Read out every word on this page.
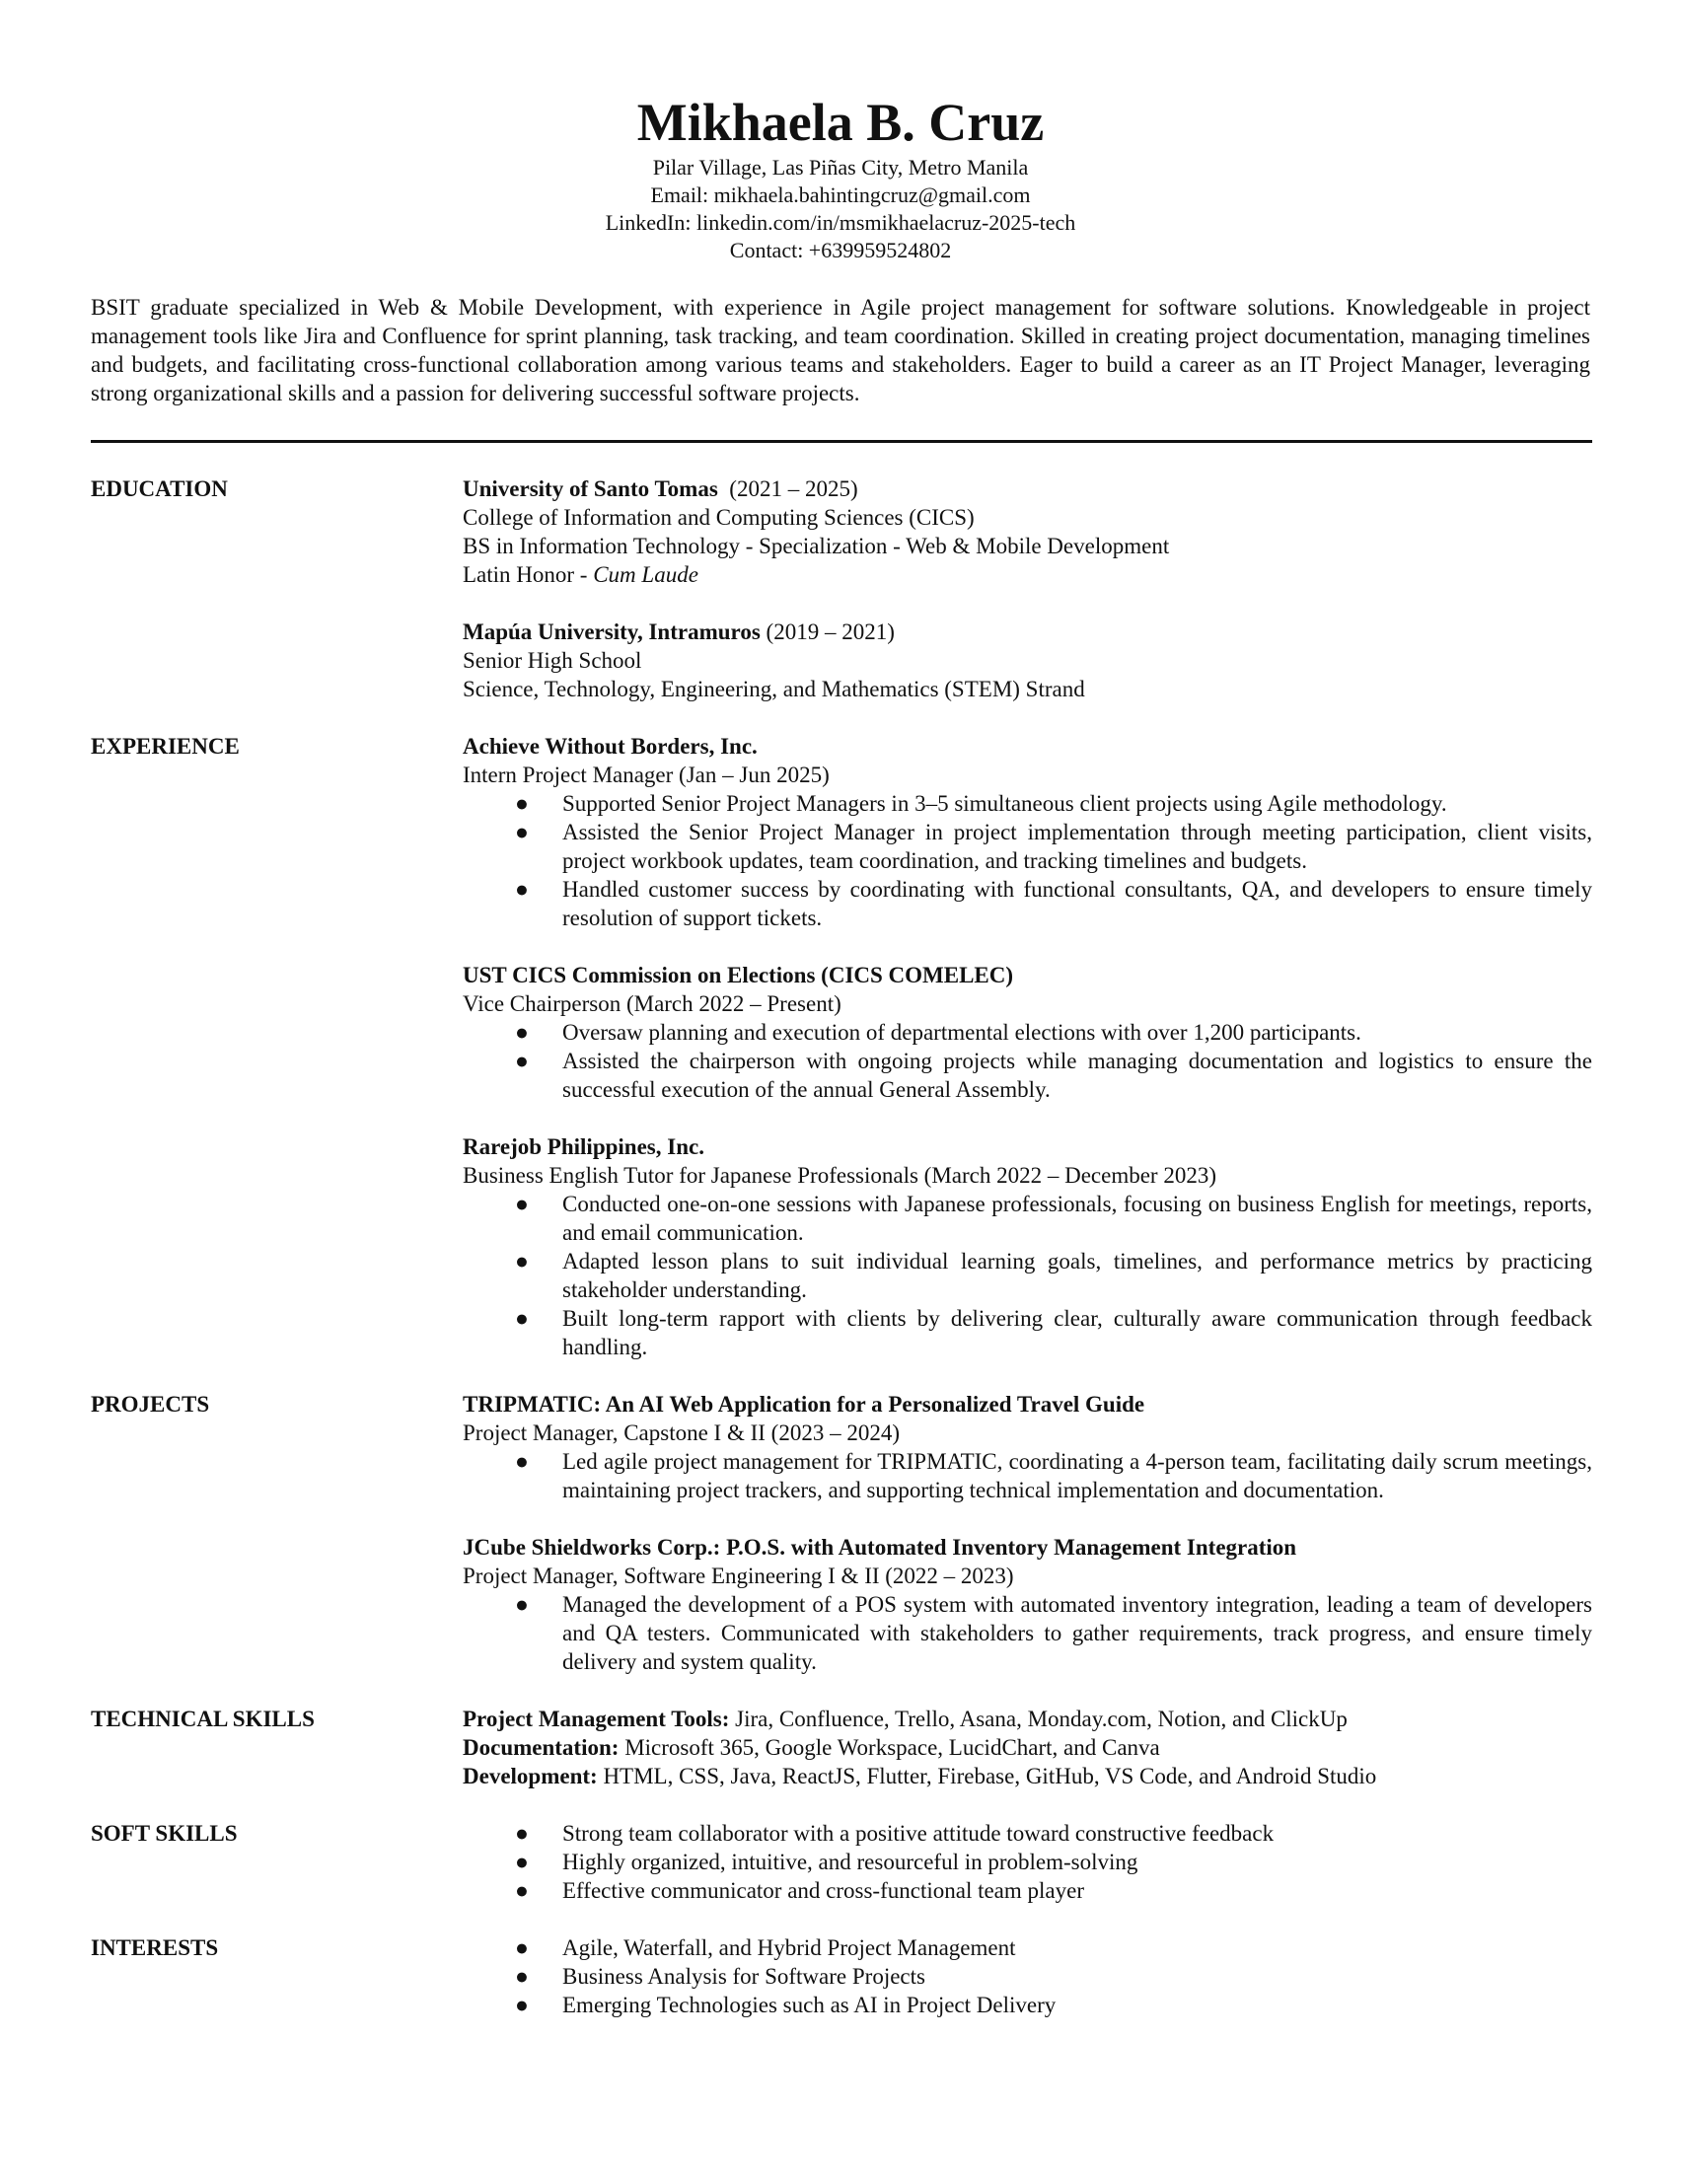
Mikhaela B. Cruz
Pilar Village, Las Piñas City, Metro Manila
Email: mikhaela.bahintingcruz@gmail.com
LinkedIn: linkedin.com/in/msmikhaelacruz-2025-tech
Contact: +639959524802
BSIT graduate specialized in Web & Mobile Development, with experience in Agile project management for software solutions. Knowledgeable in project management tools like Jira and Confluence for sprint planning, task tracking, and team coordination. Skilled in creating project documentation, managing timelines and budgets, and facilitating cross-functional collaboration among various teams and stakeholders. Eager to build a career as an IT Project Manager, leveraging strong organizational skills and a passion for delivering successful software projects.
EDUCATION	University of Santo Tomas (2021 – 2025)
College of Information and Computing Sciences (CICS)
BS in Information Technology - Specialization - Web & Mobile Development
Latin Honor - Cum Laude
Mapúa University, Intramuros (2019 – 2021)
Senior High School
Science, Technology, Engineering, and Mathematics (STEM) Strand
EXPERIENCE	Achieve Without Borders, Inc.
Intern Project Manager (Jan – Jun 2025)
● Supported Senior Project Managers in 3–5 simultaneous client projects using Agile methodology.
● Assisted the Senior Project Manager in project implementation through meeting participation, client visits, project workbook updates, team coordination, and tracking timelines and budgets.
● Handled customer success by coordinating with functional consultants, QA, and developers to ensure timely resolution of support tickets.
UST CICS Commission on Elections (CICS COMELEC)
Vice Chairperson (March 2022 – Present)
● Oversaw planning and execution of departmental elections with over 1,200 participants.
● Assisted the chairperson with ongoing projects while managing documentation and logistics to ensure the successful execution of the annual General Assembly.
Rarejob Philippines, Inc.
Business English Tutor for Japanese Professionals (March 2022 – December 2023)
● Conducted one-on-one sessions with Japanese professionals, focusing on business English for meetings, reports, and email communication.
● Adapted lesson plans to suit individual learning goals, timelines, and performance metrics by practicing stakeholder understanding.
● Built long-term rapport with clients by delivering clear, culturally aware communication through feedback handling.
PROJECTS	TRIPMATIC: An AI Web Application for a Personalized Travel Guide
Project Manager, Capstone I & II (2023 – 2024)
● Led agile project management for TRIPMATIC, coordinating a 4-person team, facilitating daily scrum meetings, maintaining project trackers, and supporting technical implementation and documentation.
JCube Shieldworks Corp.: P.O.S. with Automated Inventory Management Integration
Project Manager, Software Engineering I & II (2022 – 2023)
● Managed the development of a POS system with automated inventory integration, leading a team of developers and QA testers. Communicated with stakeholders to gather requirements, track progress, and ensure timely delivery and system quality.
TECHNICAL SKILLS	Project Management Tools: Jira, Confluence, Trello, Asana, Monday.com, Notion, and ClickUp
Documentation: Microsoft 365, Google Workspace, LucidChart, and Canva
Development: HTML, CSS, Java, ReactJS, Flutter, Firebase, GitHub, VS Code, and Android Studio
SOFT SKILLS	● Strong team collaborator with a positive attitude toward constructive feedback
● Highly organized, intuitive, and resourceful in problem-solving
● Effective communicator and cross-functional team player
INTERESTS	● Agile, Waterfall, and Hybrid Project Management
● Business Analysis for Software Projects
● Emerging Technologies such as AI in Project Delivery
